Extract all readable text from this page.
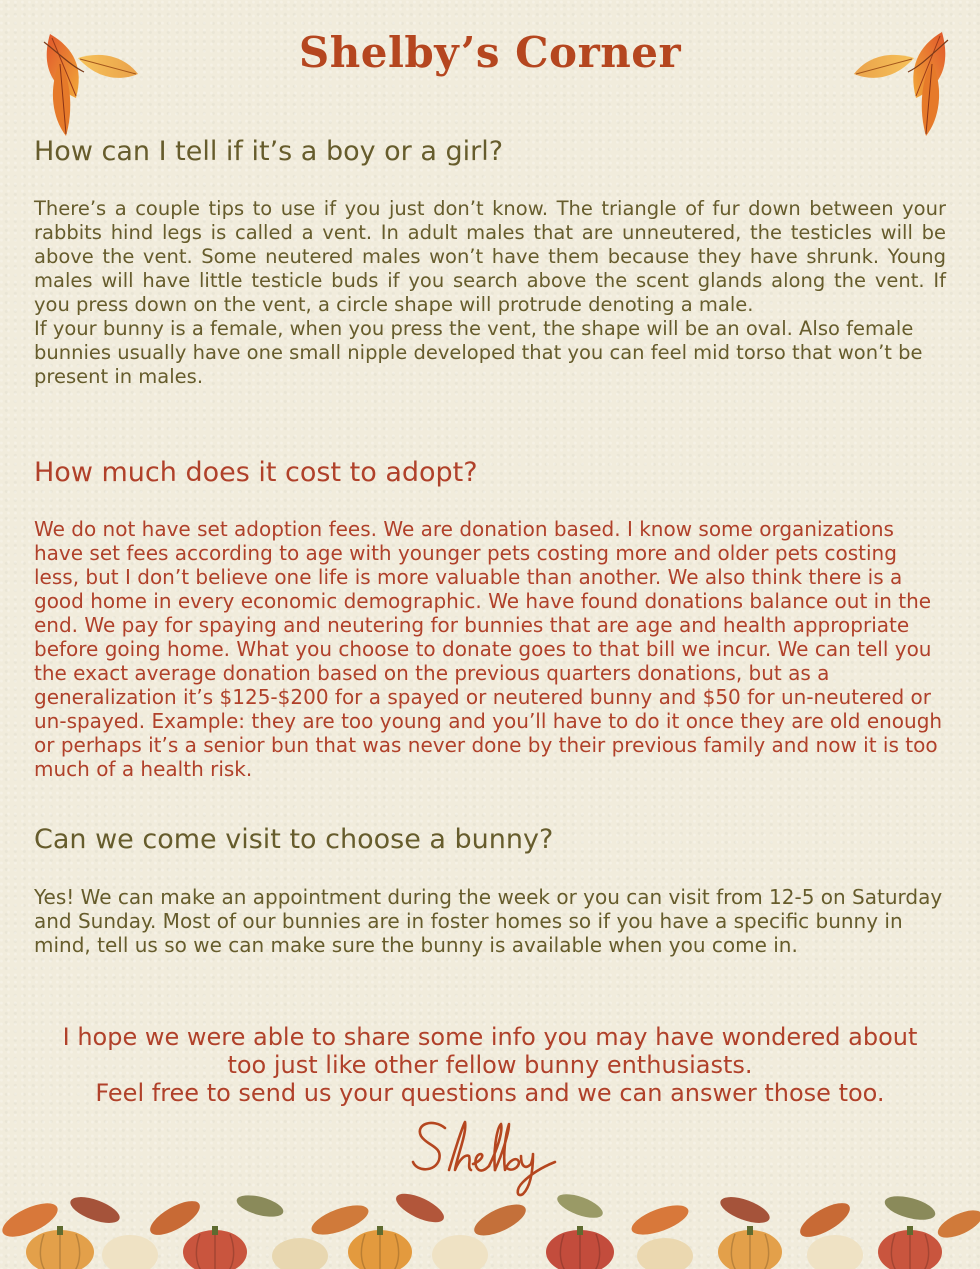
Shelby’s Corner
How can I tell if it’s a boy or a girl?
There’s a couple tips to use if you just don’t know. The triangle of fur down between your rabbits hind legs is called a vent. In adult males that are unneutered, the testicles will be above the vent. Some neutered males won’t have them because they have shrunk. Young males will have little testicle buds if you search above the scent glands along the vent. If you press down on the vent, a circle shape will protrude denoting a male.
If your bunny is a female, when you press the vent, the shape will be an oval. Also female bunnies usually have one small nipple developed that you can feel mid torso that won’t be present in males.
How much does it cost to adopt?

We do not have set adoption fees. We are donation based. I know some organizations have set fees according to age with younger pets costing more and older pets costing less, but I don’t believe one life is more valuable than another. We also think there is a good home in every economic demographic. We have found donations balance out in the end. We pay for spaying and neutering for bunnies that are age and health appropriate before going home. What you choose to donate goes to that bill we incur. We can tell you the exact average donation based on the previous quarters donations, but as a generalization it’s $125-$200 for a spayed or neutered bunny and $50 for un-neutered or un-spayed. Example: they are too young and you’ll have to do it once they are old enough or perhaps it’s a senior bun that was never done by their previous family and now it is too much of a health risk.

Can we come visit to choose a bunny?

Yes! We can make an appointment during the week or you can visit from 12-5 on Saturday and Sunday. Most of our bunnies are in foster homes so if you have a specific bunny in mind, tell us so we can make sure the bunny is available when you come in.

I hope we were able to share some info you may have wondered about
too just like other fellow bunny enthusiasts.
Feel free to send us your questions and we can answer those too.
